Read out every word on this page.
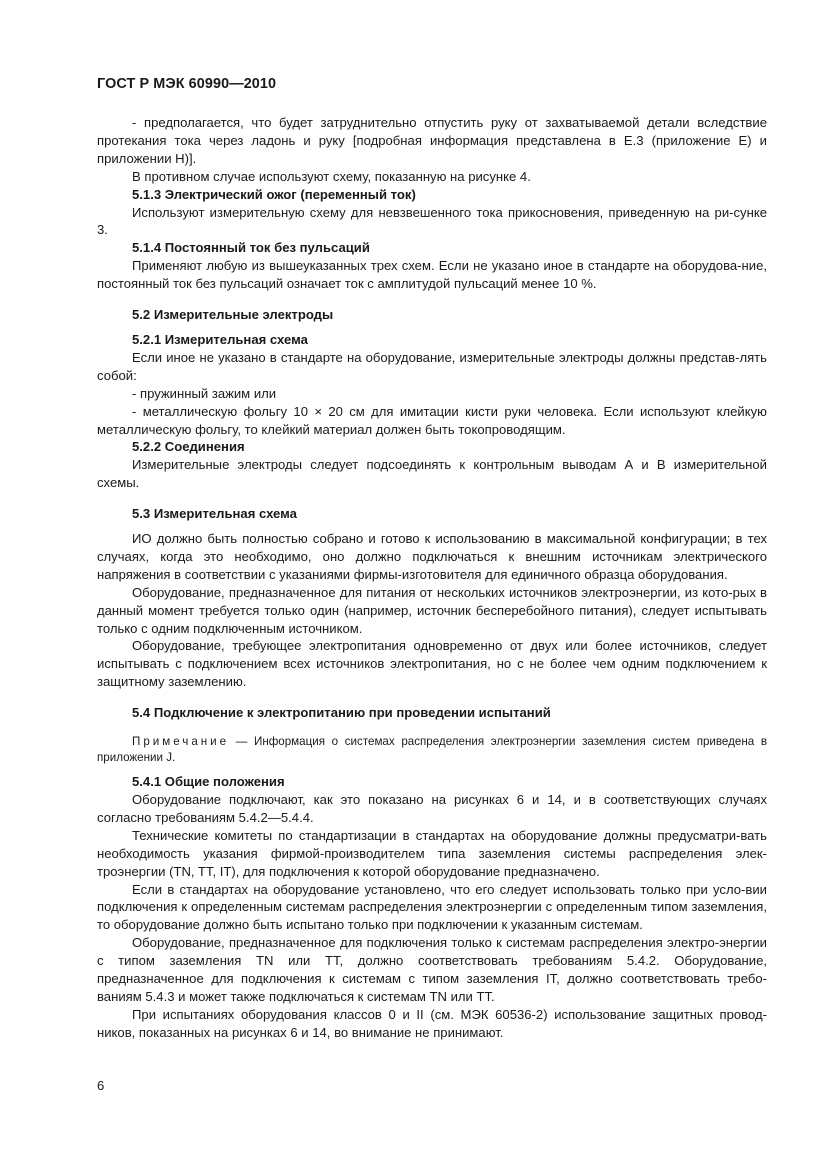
ГОСТ Р МЭК 60990—2010

- предполагается, что будет затруднительно отпустить руку от захватываемой детали вследствие протекания тока через ладонь и руку [подробная информация представлена в Е.3 (приложение Е) и приложении Н)].

В противном случае используют схему, показанную на рисунке 4.

5.1.3 Электрический ожог (переменный ток)

Используют измерительную схему для невзвешенного тока прикосновения, приведенную на ри-сунке 3.

5.1.4 Постоянный ток без пульсаций

Применяют любую из вышеуказанных трех схем. Если не указано иное в стандарте на оборудова-ние, постоянный ток без пульсаций означает ток с амплитудой пульсаций менее 10 %.

5.2 Измерительные электроды

5.2.1 Измерительная схема

Если иное не указано в стандарте на оборудование, измерительные электроды должны представ-лять собой:

- пружинный зажим или

- металлическую фольгу 10 × 20 см для имитации кисти руки человека. Если используют клейкую металлическую фольгу, то клейкий материал должен быть токопроводящим.

5.2.2 Соединения

Измерительные электроды следует подсоединять к контрольным выводам А и В измерительной схемы.

5.3 Измерительная схема

ИО должно быть полностью собрано и готово к использованию в максимальной конфигурации; в тех случаях, когда это необходимо, оно должно подключаться к внешним источникам электрического напряжения в соответствии с указаниями фирмы-изготовителя для единичного образца оборудования.

Оборудование, предназначенное для питания от нескольких источников электроэнергии, из кото-рых в данный момент требуется только один (например, источник бесперебойного питания), следует испытывать только с одним подключенным источником.

Оборудование, требующее электропитания одновременно от двух или более источников, следует испытывать с подключением всех источников электропитания, но с не более чем одним подключением к защитному заземлению.

5.4 Подключение к электропитанию при проведении испытаний

Примечание — Информация о системах распределения электроэнергии заземления систем приведена в приложении J.

5.4.1 Общие положения

Оборудование подключают, как это показано на рисунках 6 и 14, и в соответствующих случаях согласно требованиям 5.4.2—5.4.4.

Технические комитеты по стандартизации в стандартах на оборудование должны предусматри-вать необходимость указания фирмой-производителем типа заземления системы распределения элек-троэнергии (TN, TT, IT), для подключения к которой оборудование предназначено.

Если в стандартах на оборудование установлено, что его следует использовать только при усло-вии подключения к определенным системам распределения электроэнергии с определенным типом заземления, то оборудование должно быть испытано только при подключении к указанным системам.

Оборудование, предназначенное для подключения только к системам распределения электро-энергии с типом заземления TN или TT, должно соответствовать требованиям 5.4.2. Оборудование, предназначенное для подключения к системам с типом заземления IT, должно соответствовать требо-ваниям 5.4.3 и может также подключаться к системам TN или TT.

При испытаниях оборудования классов 0 и II (см. МЭК 60536-2) использование защитных провод-ников, показанных на рисунках 6 и 14, во внимание не принимают.

6
